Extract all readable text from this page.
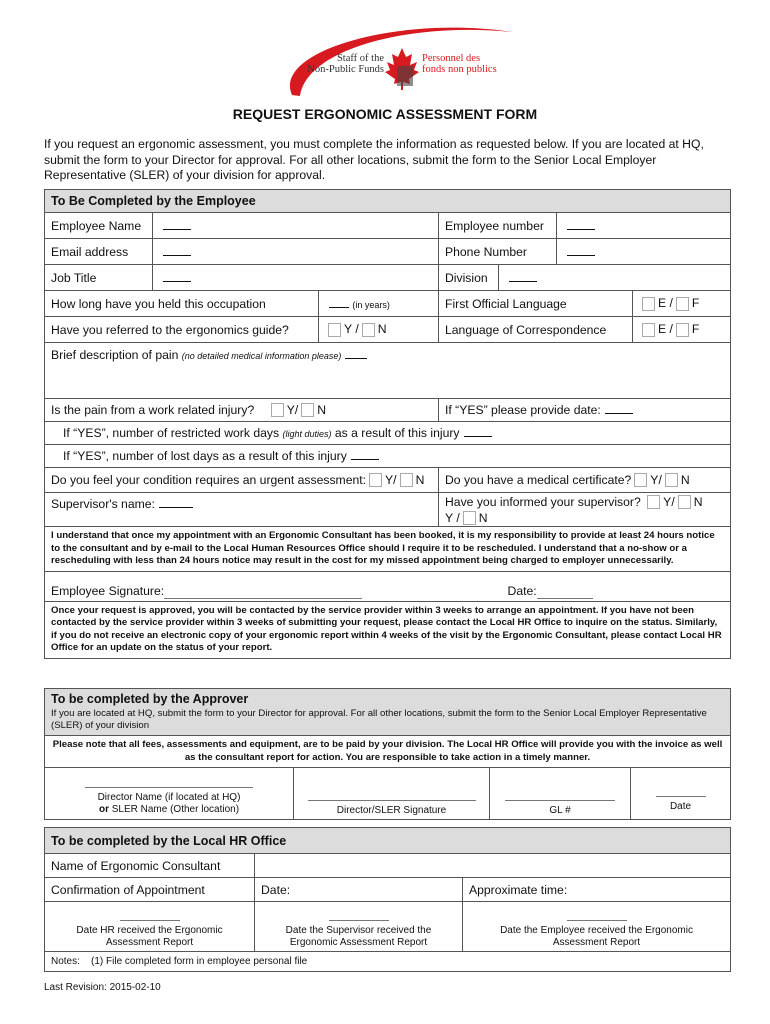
Staff of the
Non-Public Funds
Personnel des
fonds non publics
REQUEST ERGONOMIC ASSESSMENT FORM
If you request an ergonomic assessment, you must complete the information as requested below. If you are located at HQ, submit the form to your Director for approval. For all other locations, submit the form to the Senior Local Employer Representative (SLER) of your division for approval.
To Be Completed by the Employee						
Employee Name			Employee number			
Email address			Phone Number			
Job Title			Division			
How long have you held this occupation		(in years)	First Official Language			E / F
Have you referred to the ergonomics guide?		Y / N	Language of Correspondence			E / F
Brief description of pain (no detailed medical information please)						
Is the pain from a work related injury? Y/ N			If “YES” please provide date:			
If “YES”, number of restricted work days (light duties) as a result of this injury						
If “YES”, number of lost days as a result of this injury						
Do you feel your condition requires an urgent assessment: Y/ N			Do you have a medical certificate? Y/ N			
Supervisor's name:			Have you informed your supervisor? Y/ N
Y / N			
I understand that once my appointment with an Ergonomic Consultant has been booked, it is my responsibility to provide at least 24 hours notice to the consultant and by e-mail to the Local Human Resources Office should I require it to be rescheduled. I understand that a no-show or a rescheduling with less than 24 hours notice may result in the cost for my missed appointment being charged to employer unnecessarily.						
Employee Signature: Date:						
Once your request is approved, you will be contacted by the service provider within 3 weeks to arrange an appointment. If you have not been contacted by the service provider within 3 weeks of submitting your request, please contact the Local HR Office to inquire on the status. Similarly, if you do not receive an electronic copy of your ergonomic report within 4 weeks of the visit by the Ergonomic Consultant, please contact Local HR Office for an update on the status of your report.						
To be completed by the Approver
If you are located at HQ, submit the form to your Director for approval. For all other locations, submit the form to the Senior Local Employer Representative (SLER) of your division

Please note that all fees, assessments and equipment, are to be paid by your division. The Local HR Office will provide you with the invoice as well as the consultant report for action. You are responsible to take action in a timely manner.

Director Name (if located at HQ)
or SLER Name (Other location)	Director/SLER Signature	GL #	Date
To be completed by the Local HR Office		
Name of Ergonomic Consultant		
Confirmation of Appointment	Date:	Approximate time:

Date HR received the Ergonomic Assessment Report	Date the Supervisor received the Ergonomic Assessment Report	Date the Employee received the Ergonomic Assessment Report

Notes: (1) File completed form in employee personal file		
Last Revision: 2015-02-10
